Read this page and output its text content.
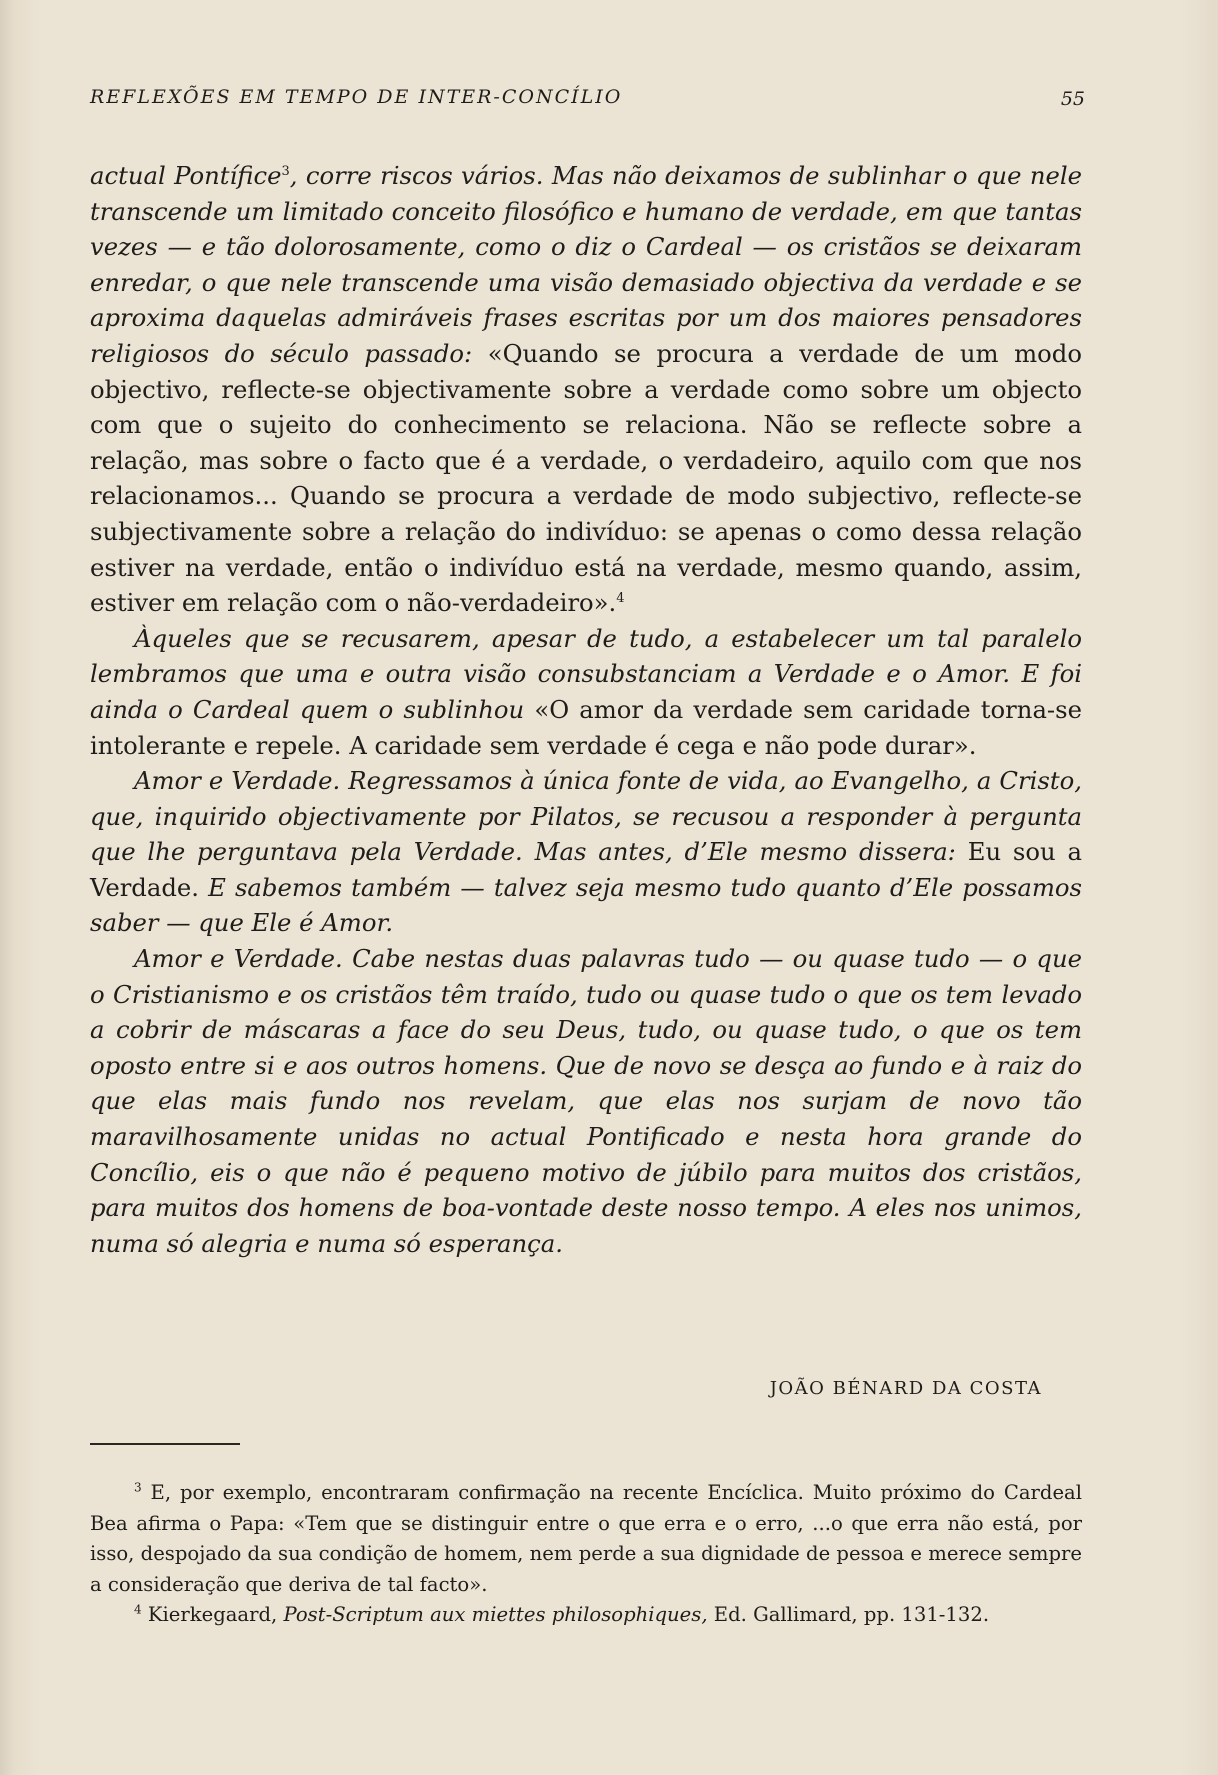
REFLEXÕES EM TEMPO DE INTER-CONCÍLIO	55

actual Pontífice$^3$, corre riscos vários. Mas não deixamos de sublinhar o que nele transcende um limitado conceito filosófico e humano de verdade, em que tantas vezes — e tão dolorosamente, como o diz o Cardeal — os cristãos se deixaram enredar, o que nele transcende uma visão demasiado objectiva da verdade e se aproxima daquelas admiráveis frases escritas por um dos maiores pensadores religiosos do século passado: «Quando se procura a verdade de um modo objectivo, reflecte-se objectivamente sobre a verdade como sobre um objecto com que o sujeito do conhecimento se relaciona. Não se reflecte sobre a relação, mas sobre o facto que é a verdade, o verdadeiro, aquilo com que nos relacionamos... Quando se procura a verdade de modo subjectivo, reflecte-se subjectivamente sobre a relação do indivíduo: se apenas o como dessa relação estiver na verdade, então o indivíduo está na verdade, mesmo quando, assim, estiver em relação com o não-verdadeiro».$^4$

Àqueles que se recusarem, apesar de tudo, a estabelecer um tal paralelo lembramos que uma e outra visão consubstanciam a Verdade e o Amor. E foi ainda o Cardeal quem o sublinhou «O amor da verdade sem caridade torna-se intolerante e repele. A caridade sem verdade é cega e não pode durar».

Amor e Verdade. Regressamos à única fonte de vida, ao Evangelho, a Cristo, que, inquirido objectivamente por Pilatos, se recusou a responder à pergunta que lhe perguntava pela Verdade. Mas antes, d’Ele mesmo dissera: Eu sou a Verdade. E sabemos também — talvez seja mesmo tudo quanto d’Ele possamos saber — que Ele é Amor.

Amor e Verdade. Cabe nestas duas palavras tudo — ou quase tudo — o que o Cristianismo e os cristãos têm traído, tudo ou quase tudo o que os tem levado a cobrir de máscaras a face do seu Deus, tudo, ou quase tudo, o que os tem oposto entre si e aos outros homens. Que de novo se desça ao fundo e à raiz do que elas mais fundo nos revelam, que elas nos surjam de novo tão maravilhosamente unidas no actual Pontificado e nesta hora grande do Concílio, eis o que não é pequeno motivo de júbilo para muitos dos cristãos, para muitos dos homens de boa-vontade deste nosso tempo. A eles nos unimos, numa só alegria e numa só esperança.

JOÃO BÉNARD DA COSTA

$^3$ E, por exemplo, encontraram confirmação na recente Encíclica. Muito próximo do Cardeal Bea afirma o Papa: «Tem que se distinguir entre o que erra e o erro, ...o que erra não está, por isso, despojado da sua condição de homem, nem perde a sua dignidade de pessoa e merece sempre a consideração que deriva de tal facto».

$^4$ Kierkegaard, Post-Scriptum aux miettes philosophiques, Ed. Gallimard, pp. 131-132.
